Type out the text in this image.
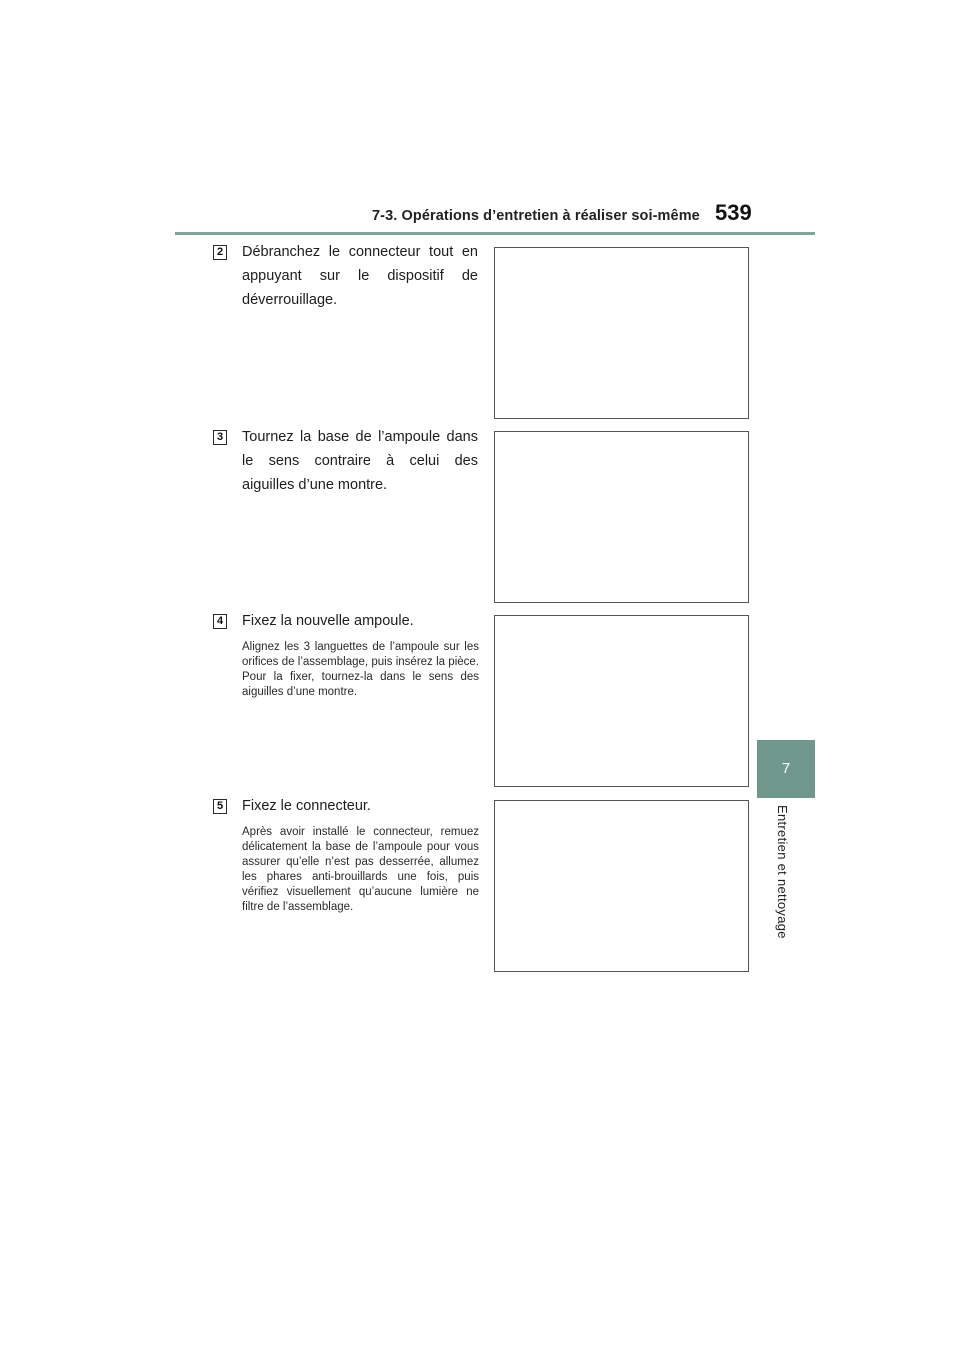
7-3. Opérations d’entretien à réaliser soi-même 539
7
Entretien et nettoyage
2 Débranchez le connecteur tout en appuyant sur le dispositif de déverrouillage.
3 Tournez la base de l’ampoule dans le sens contraire à celui des aiguilles d’une montre.
4 Fixez la nouvelle ampoule.
Alignez les 3 languettes de l’ampoule sur les orifices de l’assemblage, puis insérez la pièce. Pour la fixer, tournez-la dans le sens des aiguilles d’une montre.
5 Fixez le connecteur.
Après avoir installé le connecteur, remuez délicatement la base de l’ampoule pour vous assurer qu’elle n’est pas desserrée, allumez les phares anti-brouillards une fois, puis vérifiez visuellement qu’aucune lumière ne filtre de l’assemblage.
